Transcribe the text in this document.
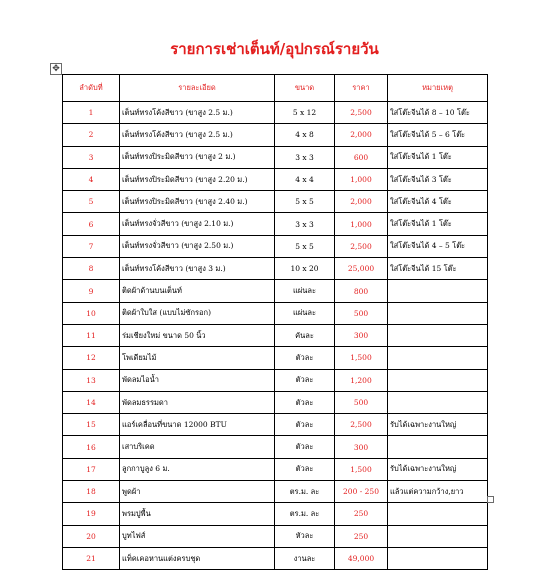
รายการเช่าเต็นท์/อุปกรณ์รายวัน
✥
ลำดับที่	รายละเอียด	ขนาด	ราคา	หมายเหตุ
1	เต็นท์ทรงโค้งสีขาว (ขาสูง 2.5 ม.)	5 x 12	2,500	ใส่โต๊ะจีนได้ 8 – 10 โต๊ะ
2	เต็นท์ทรงโค้งสีขาว (ขาสูง 2.5 ม.)	4 x 8	2,000	ใส่โต๊ะจีนได้ 5 – 6 โต๊ะ
3	เต็นท์ทรงปิระมิดสีขาว (ขาสูง 2 ม.)	3 x 3	600	ใส่โต๊ะจีนได้ 1 โต๊ะ
4	เต็นท์ทรงปิระมิดสีขาว (ขาสูง 2.20 ม.)	4 x 4	1,000	ใส่โต๊ะจีนได้ 3 โต๊ะ
5	เต็นท์ทรงปิระมิดสีขาว (ขาสูง 2.40 ม.)	5 x 5	2,000	ใส่โต๊ะจีนได้ 4 โต๊ะ
6	เต็นท์ทรงจั่วสีขาว (ขาสูง 2.10 ม.)	3 x 3	1,000	ใส่โต๊ะจีนได้ 1 โต๊ะ
7	เต็นท์ทรงจั่วสีขาว (ขาสูง 2.50 ม.)	5 x 5	2,500	ใส่โต๊ะจีนได้ 4 – 5 โต๊ะ
8	เต็นท์ทรงโค้งสีขาว (ขาสูง 3 ม.)	10 x 20	25,000	ใส่โต๊ะจีนได้ 15 โต๊ะ
9	ติดผ้าด้านบนเต็นท์	แผ่นละ	800	
10	ติดผ้าใบใส (แบบไม่ซักรอก)	แผ่นละ	500	
11	ร่มเชียงใหม่ ขนาด 50 นิ้ว	คันละ	300	
12	โพเดียมไม้	ตัวละ	1,500	
13	พัดลมไอน้ำ	ตัวละ	1,200	
14	พัดลมธรรมดา	ตัวละ	500	
15	แอร์เคลื่อนที่ขนาด 12000 BTU	ตัวละ	2,500	รับได้เฉพาะงานใหญ่
16	เสาบริเคด	ตัวละ	300	
17	ลูกกาบูลูง 6 ม.	ตัวละ	1,500	รับได้เฉพาะงานใหญ่
18	พูดผ้า	ตร.ม. ละ	200 - 250	แล้วแต่ความกว้าง,ยาว
19	พรมปูพื้น	ตร.ม. ละ	250	
20	บูทไฟส์	หัวละ	250	
21	แท็คเคอหานแต่งครบชุด	งานละ	49,000	
